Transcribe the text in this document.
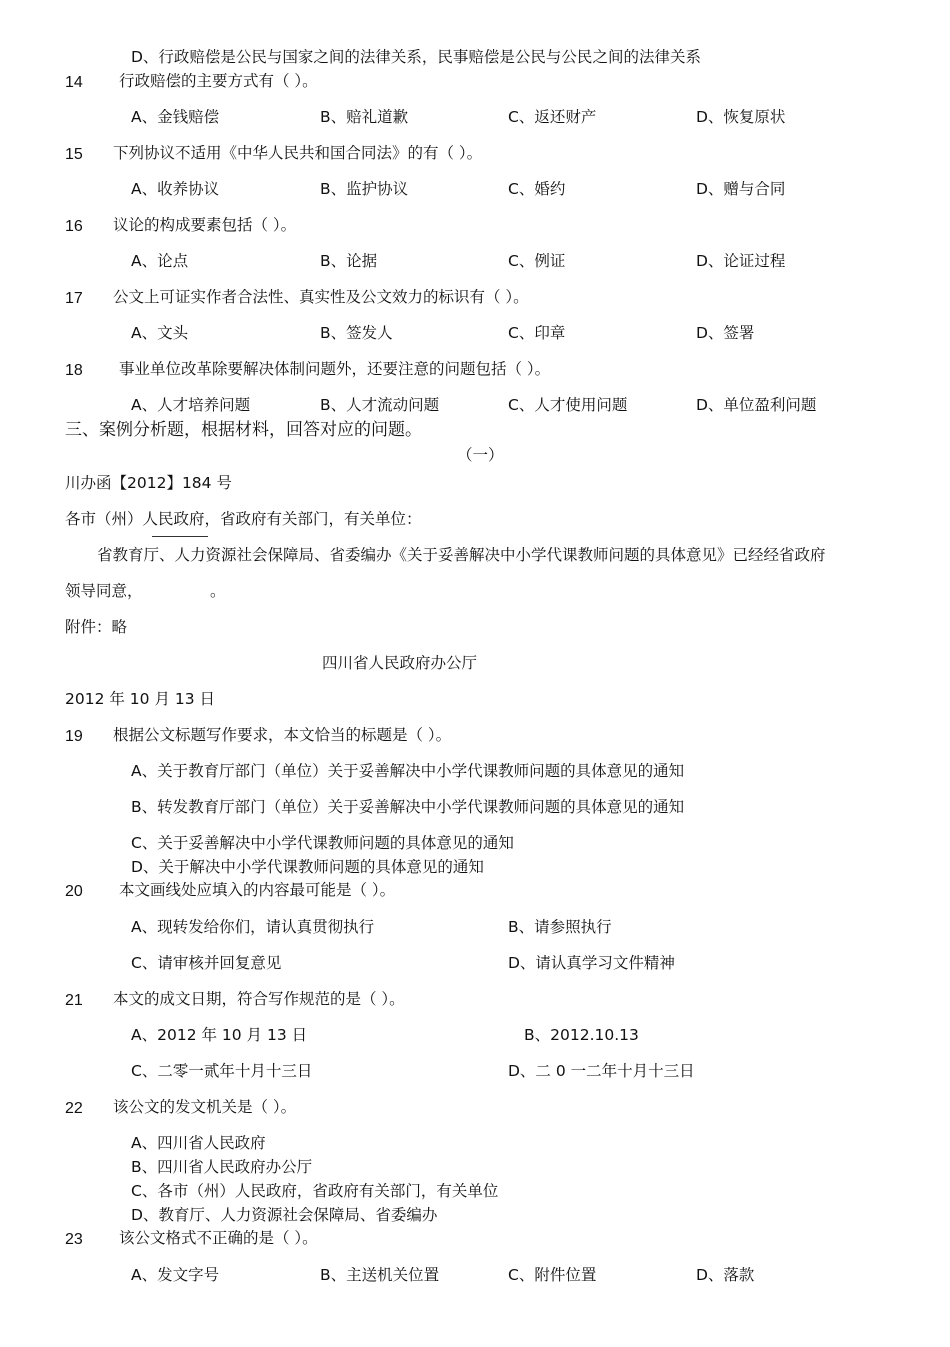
D、行政赔偿是公民与国家之间的法律关系，民事赔偿是公民与公民之间的法律关系
14 行政赔偿的主要方式有（ ）。
A、金钱赔偿	B、赔礼道歉	C、返还财产	D、恢复原状
15 下列协议不适用《中华人民共和国合同法》的有（ ）。
A、收养协议	B、监护协议	C、婚约	D、赠与合同
16 议论的构成要素包括（ ）。
A、论点	B、论据	C、例证	D、论证过程
17 公文上可证实作者合法性、真实性及公文效力的标识有（ ）。
A、文头	B、签发人	C、印章	D、签署
18 事业单位改革除要解决体制问题外，还要注意的问题包括（ ）。
A、人才培养问题	B、人才流动问题	C、人才使用问题	D、单位盈利问题
三、案例分析题，根据材料，回答对应的问题。
（一）
川办函【2012】184 号
各市（州）人民政府，省政府有关部门，有关单位：
省教育厅、人力资源社会保障局、省委编办《关于妥善解决中小学代课教师问题的具体意见》已经经省政府
领导同意，	。
附件：略
四川省人民政府办公厅
2012 年 10 月 13 日
19 根据公文标题写作要求，本文恰当的标题是（ ）。
A、关于教育厅部门（单位）关于妥善解决中小学代课教师问题的具体意见的通知
B、转发教育厅部门（单位）关于妥善解决中小学代课教师问题的具体意见的通知
C、关于妥善解决中小学代课教师问题的具体意见的通知
D、关于解决中小学代课教师问题的具体意见的通知
20 本文画线处应填入的内容最可能是（ ）。
A、现转发给你们，请认真贯彻执行	B、请参照执行
C、请审核并回复意见	D、请认真学习文件精神
21 本文的成文日期，符合写作规范的是（ ）。
A、2012 年 10 月 13 日	B、2012.10.13
C、二零一贰年十月十三日	D、二 0 一二年十月十三日
22 该公文的发文机关是（ ）。
A、四川省人民政府
B、四川省人民政府办公厅
C、各市（州）人民政府，省政府有关部门，有关单位
D、教育厅、人力资源社会保障局、省委编办
23 该公文格式不正确的是（ ）。
A、发文字号	B、主送机关位置	C、附件位置	D、落款
